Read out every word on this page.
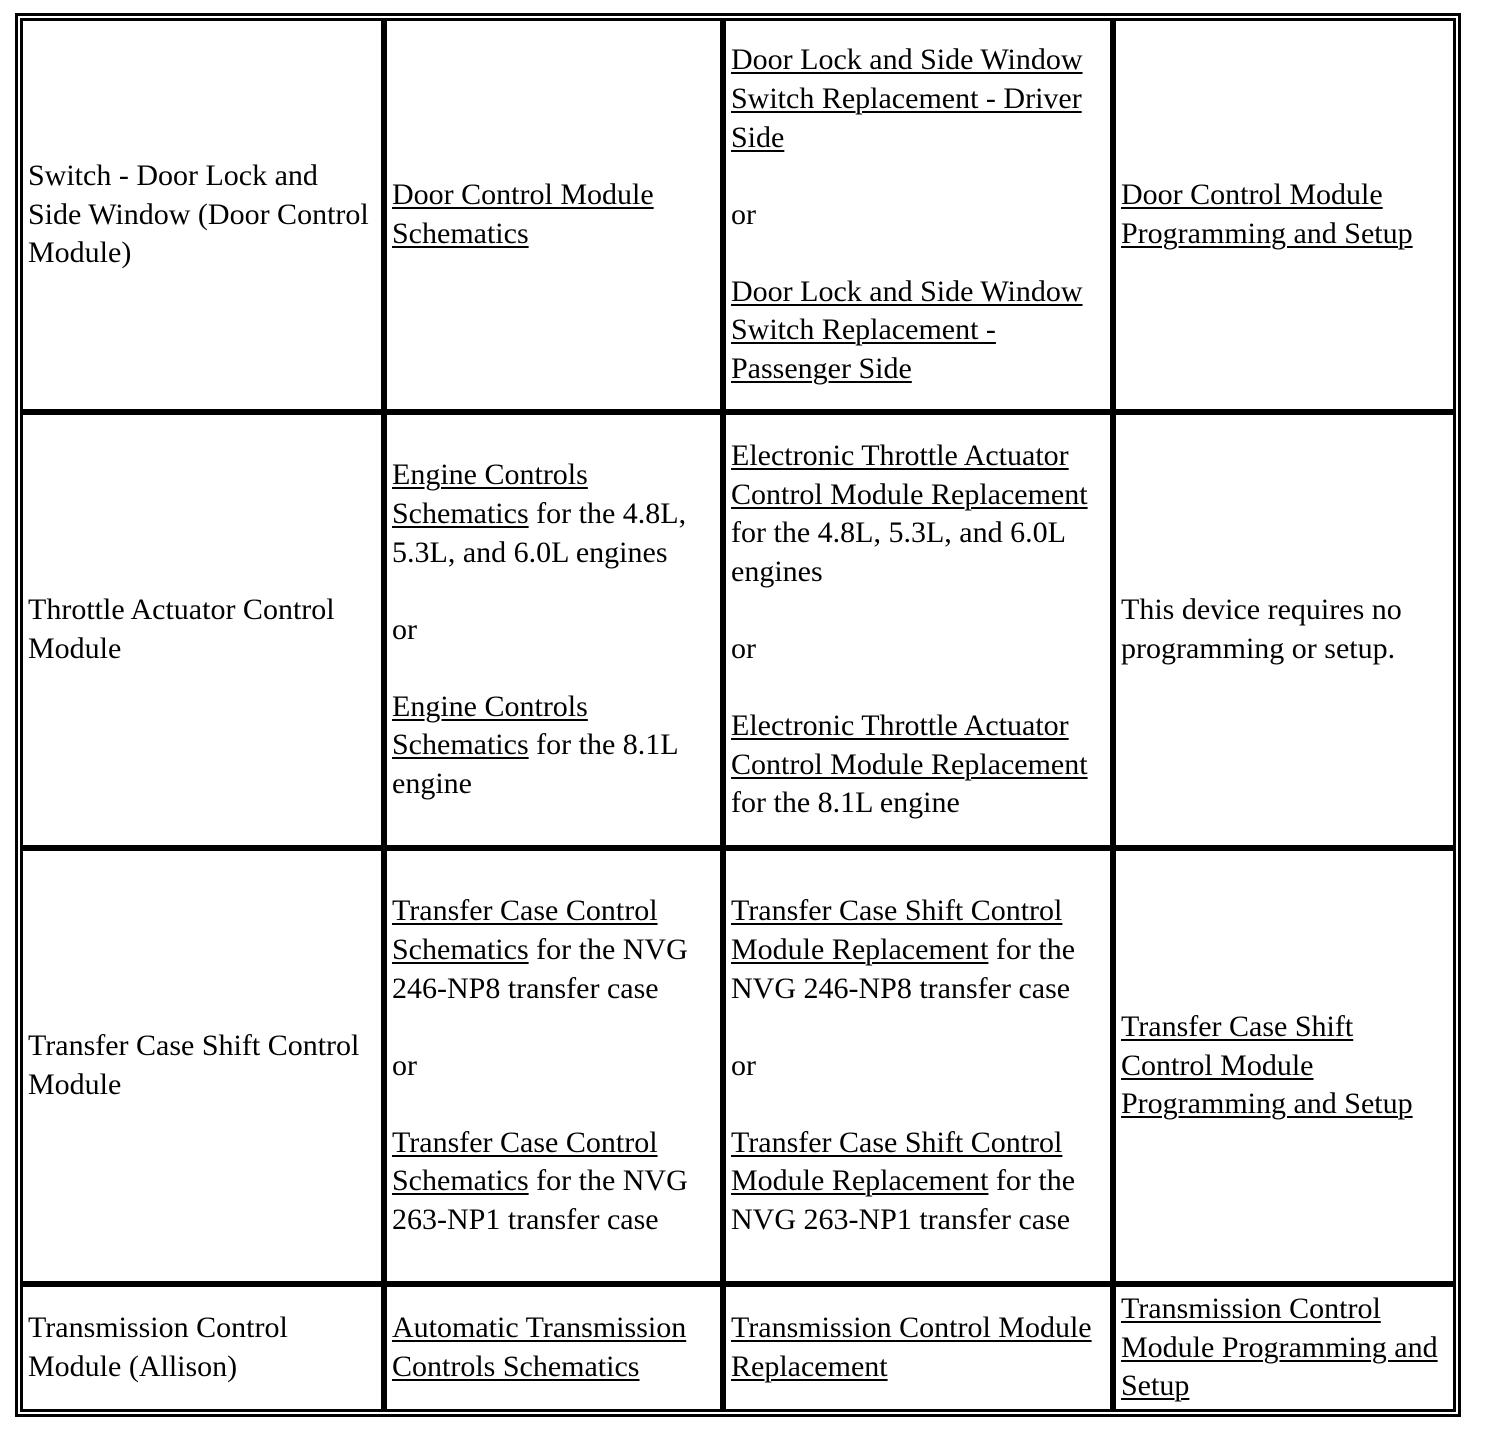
Switch - Door Lock and Side Window (Door Control Module)
Door Control Module Schematics
Door Lock and Side Window Switch Replacement - Driver Side
or
Door Lock and Side Window Switch Replacement - Passenger Side
Door Control Module Programming and Setup
Throttle Actuator Control Module
Engine Controls Schematics for the 4.8L, 5.3L, and 6.0L engines
or
Engine Controls Schematics for the 8.1L engine
Electronic Throttle Actuator Control Module Replacement for the 4.8L, 5.3L, and 6.0L engines
or
Electronic Throttle Actuator Control Module Replacement for the 8.1L engine
This device requires no programming or setup.
Transfer Case Shift Control Module
Transfer Case Control Schematics for the NVG 246-NP8 transfer case
or
Transfer Case Control Schematics for the NVG 263-NP1 transfer case
Transfer Case Shift Control Module Replacement for the NVG 246-NP8 transfer case
or
Transfer Case Shift Control Module Replacement for the NVG 263-NP1 transfer case
Transfer Case Shift Control Module Programming and Setup
Transmission Control Module (Allison)
Automatic Transmission Controls Schematics
Transmission Control Module Replacement
Transmission Control Module Programming and Setup
